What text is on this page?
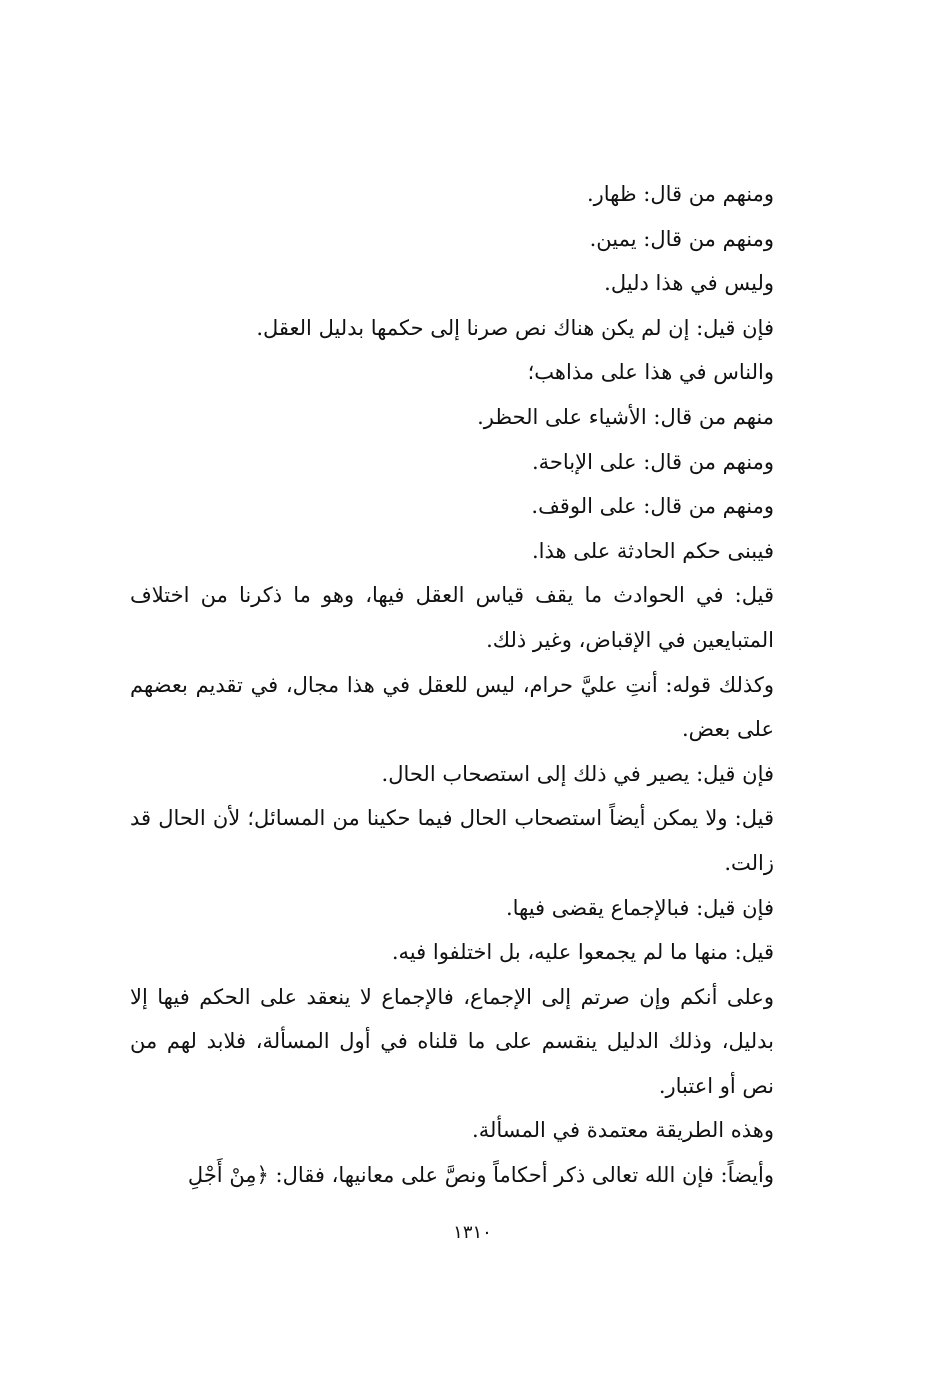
ومنهم من قال: ظهار.

ومنهم من قال: يمين.

وليس في هذا دليل.

فإن قيل: إن لم يكن هناك نص صرنا إلى حكمها بدليل العقل.

والناس في هذا على مذاهب؛

منهم من قال: الأشياء على الحظر.

ومنهم من قال: على الإباحة.

ومنهم من قال: على الوقف.

فيبنى حكم الحادثة على هذا.

قيل: في الحوادث ما يقف قياس العقل فيها، وهو ما ذكرنا من اختلاف المتبايعين في الإقباض، وغير ذلك.

وكذلك قوله: أنتِ عليَّ حرام، ليس للعقل في هذا مجال، في تقديم بعضهم على بعض.

فإن قيل: يصير في ذلك إلى استصحاب الحال.

قيل: ولا يمكن أيضاً استصحاب الحال فيما حكينا من المسائل؛ لأن الحال قد زالت.

فإن قيل: فبالإجماع يقضى فيها.

قيل: منها ما لم يجمعوا عليه، بل اختلفوا فيه.

وعلى أنكم وإن صرتم إلى الإجماع، فالإجماع لا ينعقد على الحكم فيها إلا بدليل، وذلك الدليل ينقسم على ما قلناه في أول المسألة، فلابد لهم من نص أو اعتبار.

وهذه الطريقة معتمدة في المسألة.

وأيضاً: فإن الله تعالى ذكر أحكاماً ونصَّ على معانيها، فقال: ﴿مِنْ أَجْلِ

١٣١٠
